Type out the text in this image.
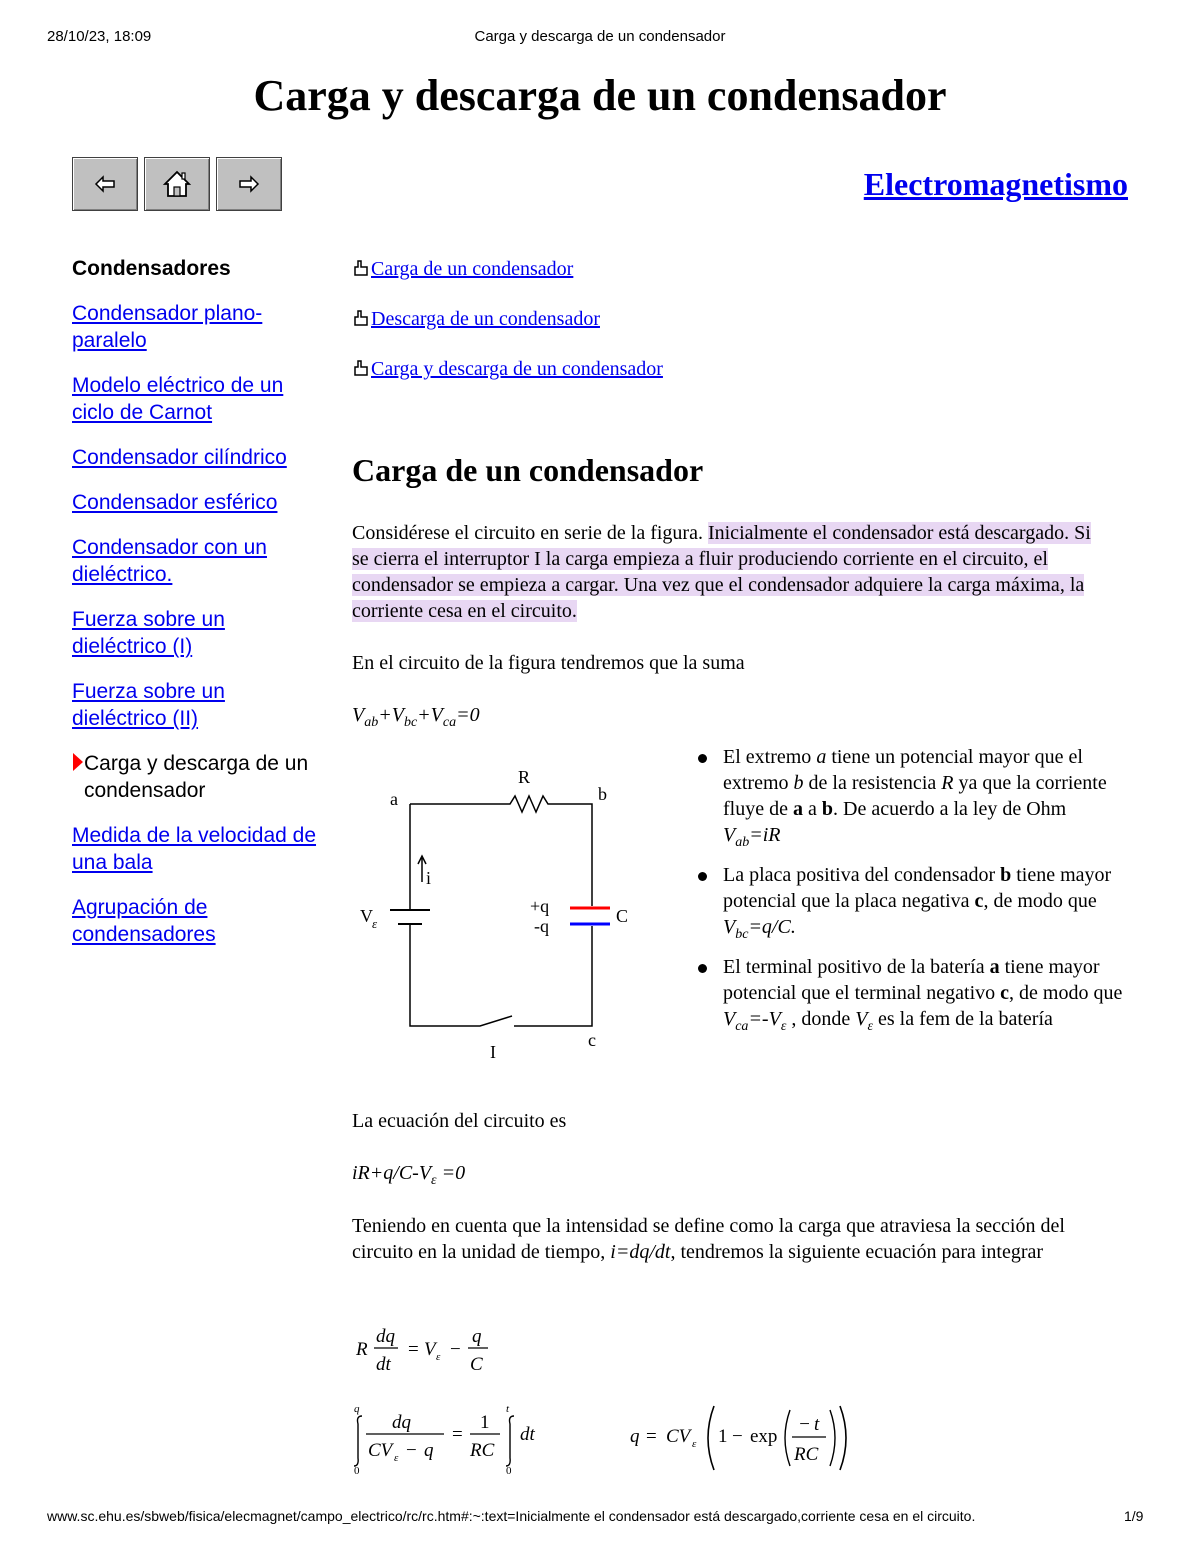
28/10/23, 18:09	Carga y descarga de un condensador
Carga y descarga de un condensador
Electromagnetismo
Condensadores
Condensador plano-paralelo
Modelo eléctrico de un ciclo de Carnot
Condensador cilíndrico
Condensador esférico
Condensador con un dieléctrico.
Fuerza sobre un dieléctrico (I)
Fuerza sobre un dieléctrico (II)
Carga y descarga de un condensador
Medida de la velocidad de una bala
Agrupación de condensadores
Carga de un condensador
Descarga de un condensador
Carga y descarga de un condensador
Carga de un condensador
Considérese el circuito en serie de la figura. Inicialmente el condensador está descargado. Si se cierra el interruptor I la carga empieza a fluir produciendo corriente en el circuito, el condensador se empieza a cargar. Una vez que el condensador adquiere la carga máxima, la corriente cesa en el circuito.
En el circuito de la figura tendremos que la suma
$V_{ab}+V_{bc}+V_{ca}=0$
a
R
b
i
V ε
+q
-q	C
c
I
El extremo a tiene un potencial mayor que el extremo b de la resistencia R ya que la corriente fluye de a a b. De acuerdo a la ley de Ohm $V_{ab}=iR$
La placa positiva del condensador b tiene mayor potencial que la placa negativa c, de modo que $V_{bc}=q/C$.
El terminal positivo de la batería a tiene mayor potencial que el terminal negativo c, de modo que $V_{ca}=-V_\varepsilon$ , donde $V_\varepsilon$ es la fem de la batería
La ecuación del circuito es
$iR+q/C-V_\varepsilon =0$
Teniendo en cuenta que la intensidad se define como la carga que atraviesa la sección del circuito en la unidad de tiempo, i=dq/dt, tendremos la siguiente ecuación para integrar
R
dq
dt
= V ε −
q
C
q
0
dq
CV ε − q
=
1
RC
t
0
dt	q = CV ε 1 − exp
− t
RC
www.sc.ehu.es/sbweb/fisica/elecmagnet/campo_electrico/rc/rc.htm#:~:text=Inicialmente el condensador está descargado,corriente cesa en el circuito.	1/9
